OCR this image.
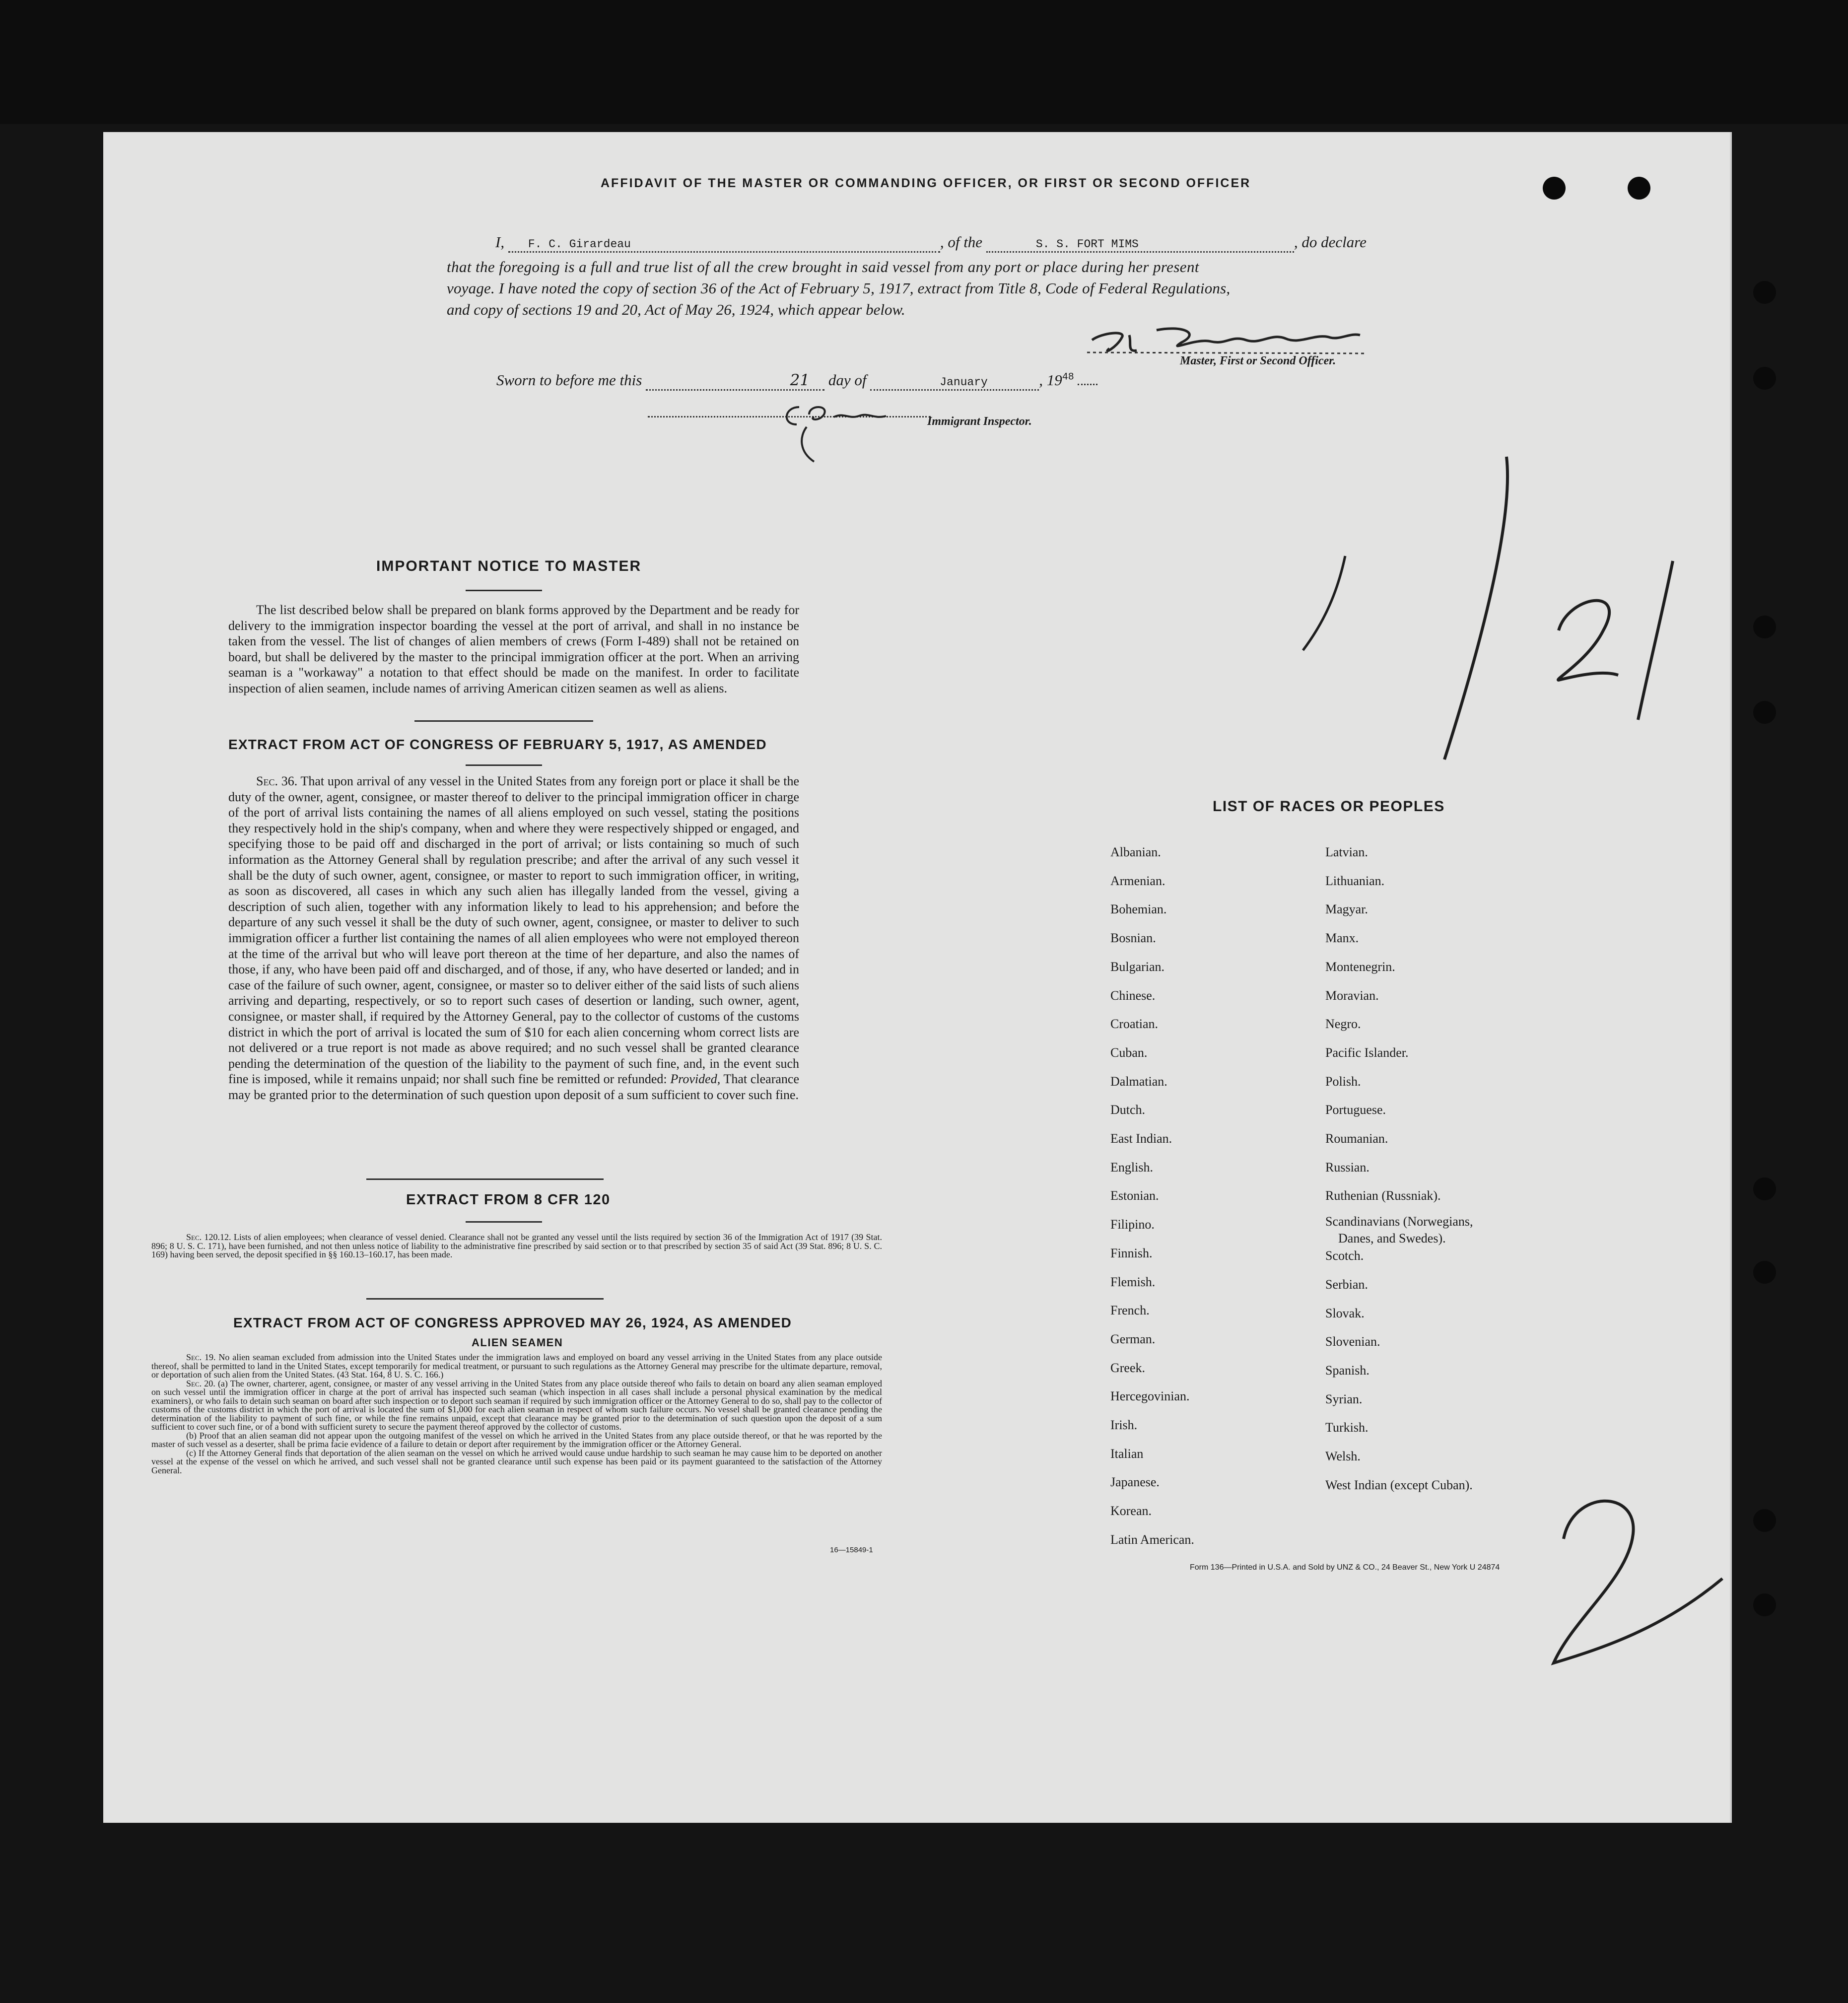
AFFIDAVIT OF THE MASTER OR COMMANDING OFFICER, OR FIRST OR SECOND OFFICER
I, F. C. Girardeau	, of the	S. S. FORT MIMS	, do declare
that the foregoing is a full and true list of all the crew brought in said vessel from any port or place during her present
voyage. I have noted the copy of section 36 of the Act of February 5, 1917, extract from Title 8, Code of Federal Regulations,
and copy of sections 19 and 20, Act of May 26, 1924, which appear below.
Master, First or Second Officer.
Sworn to before me this	21 day of	January	, $19^{48}$
Immigrant Inspector.
IMPORTANT NOTICE TO MASTER
The list described below shall be prepared on blank forms approved by the Department and be ready for delivery to the immigration inspector boarding the vessel at the port of arrival, and shall in no instance be taken from the vessel. The list of changes of alien members of crews (Form I-489) shall not be retained on board, but shall be delivered by the master to the principal immigration officer at the port. When an arriving seaman is a "workaway" a notation to that effect should be made on the manifest. In order to facilitate inspection of alien seamen, include names of arriving American citizen seamen as well as aliens.
EXTRACT FROM ACT OF CONGRESS OF FEBRUARY 5, 1917, AS AMENDED
Sec. 36. That upon arrival of any vessel in the United States from any foreign port or place it shall be the duty of the owner, agent, consignee, or master thereof to deliver to the principal immigration officer in charge of the port of arrival lists containing the names of all aliens employed on such vessel, stating the positions they respectively hold in the ship's company, when and where they were respectively shipped or engaged, and specifying those to be paid off and discharged in the port of arrival; or lists containing so much of such information as the Attorney General shall by regulation prescribe; and after the arrival of any such vessel it shall be the duty of such owner, agent, consignee, or master to report to such immigration officer, in writing, as soon as discovered, all cases in which any such alien has illegally landed from the vessel, giving a description of such alien, together with any information likely to lead to his apprehension; and before the departure of any such vessel it shall be the duty of such owner, agent, consignee, or master to deliver to such immigration officer a further list containing the names of all alien employees who were not employed thereon at the time of the arrival but who will leave port thereon at the time of her departure, and also the names of those, if any, who have been paid off and discharged, and of those, if any, who have deserted or landed; and in case of the failure of such owner, agent, consignee, or master so to deliver either of the said lists of such aliens arriving and departing, respectively, or so to report such cases of desertion or landing, such owner, agent, consignee, or master shall, if required by the Attorney General, pay to the collector of customs of the customs district in which the port of arrival is located the sum of $10 for each alien concerning whom correct lists are not delivered or a true report is not made as above required; and no such vessel shall be granted clearance pending the determination of the question of the liability to the payment of such fine, and, in the event such fine is imposed, while it remains unpaid; nor shall such fine be remitted or refunded: Provided, That clearance may be granted prior to the determination of such question upon deposit of a sum sufficient to cover such fine.
EXTRACT FROM 8 CFR 120
Sec. 120.12. Lists of alien employees; when clearance of vessel denied. Clearance shall not be granted any vessel until the lists required by section 36 of the Immigration Act of 1917 (39 Stat. 896; 8 U. S. C. 171), have been furnished, and not then unless notice of liability to the administrative fine prescribed by said section or to that prescribed by section 35 of said Act (39 Stat. 896; 8 U. S. C. 169) having been served, the deposit specified in §§ 160.13–160.17, has been made.
EXTRACT FROM ACT OF CONGRESS APPROVED MAY 26, 1924, AS AMENDED
ALIEN SEAMEN
Sec. 19. No alien seaman excluded from admission into the United States under the immigration laws and employed on board any vessel arriving in the United States from any place outside thereof, shall be permitted to land in the United States, except temporarily for medical treatment, or pursuant to such regulations as the Attorney General may prescribe for the ultimate departure, removal, or deportation of such alien from the United States. (43 Stat. 164, 8 U. S. C. 166.)
Sec. 20. (a) The owner, charterer, agent, consignee, or master of any vessel arriving in the United States from any place outside thereof who fails to detain on board any alien seaman employed on such vessel until the immigration officer in charge at the port of arrival has inspected such seaman (which inspection in all cases shall include a personal physical examination by the medical examiners), or who fails to detain such seaman on board after such inspection or to deport such seaman if required by such immigration officer or the Attorney General to do so, shall pay to the collector of customs of the customs district in which the port of arrival is located the sum of $1,000 for each alien seaman in respect of whom such failure occurs. No vessel shall be granted clearance pending the determination of the liability to payment of such fine, or while the fine remains unpaid, except that clearance may be granted prior to the determination of such question upon the deposit of a sum sufficient to cover such fine, or of a bond with sufficient surety to secure the payment thereof approved by the collector of customs.
(b) Proof that an alien seaman did not appear upon the outgoing manifest of the vessel on which he arrived in the United States from any place outside thereof, or that he was reported by the master of such vessel as a deserter, shall be prima facie evidence of a failure to detain or deport after requirement by the immigration officer or the Attorney General.
(c) If the Attorney General finds that deportation of the alien seaman on the vessel on which he arrived would cause undue hardship to such seaman he may cause him to be deported on another vessel at the expense of the vessel on which he arrived, and such vessel shall not be granted clearance until such expense has been paid or its payment guaranteed to the satisfaction of the Attorney General.
16—15849-1
LIST OF RACES OR PEOPLES
Albanian.
Armenian.
Bohemian.
Bosnian.
Bulgarian.
Chinese.
Croatian.
Cuban.
Dalmatian.
Dutch.
East Indian.
English.
Estonian.
Filipino.
Finnish.
Flemish.
French.
German.
Greek.
Hercegovinian.
Irish.
Italian
Japanese.
Korean.
Latin American.
Latvian.
Lithuanian.
Magyar.
Manx.
Montenegrin.
Moravian.
Negro.
Pacific Islander.
Polish.
Portuguese.
Roumanian.
Russian.
Ruthenian (Russniak).
Scandinavians (Norwegians,
Danes, and Swedes).
Scotch.
Serbian.
Slovak.
Slovenian.
Spanish.
Syrian.
Turkish.
Welsh.
West Indian (except Cuban).
Form 136—Printed in U.S.A. and Sold by UNZ & CO., 24 Beaver St., New York U 24874
